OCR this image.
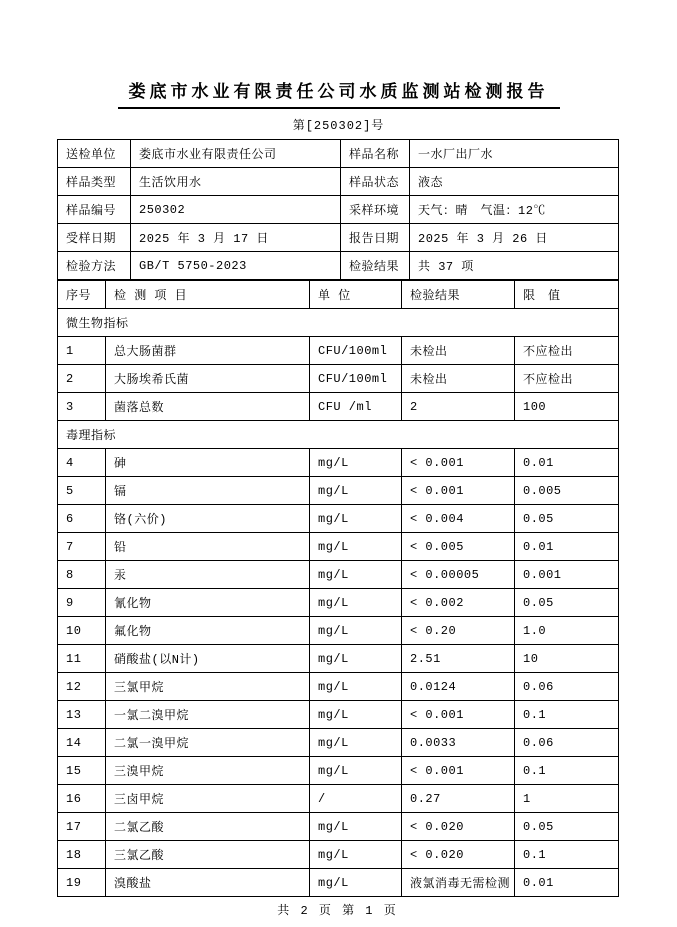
娄底市水业有限责任公司水质监测站检测报告
第[250302]号
送检单位	娄底市水业有限责任公司	样品名称	一水厂出厂水
样品类型	生活饮用水	样品状态	液态
样品编号	250302	采样环境	天气：晴　气温：12℃
受样日期	2025 年 3 月 17 日	报告日期	2025 年 3 月 26 日
检验方法	GB/T 5750-2023	检验结果	共 37 项
序号	检 测 项 目	单 位	检验结果	限　值
微生物指标				
1	总大肠菌群	CFU/100ml	未检出	不应检出
2	大肠埃希氏菌	CFU/100ml	未检出	不应检出
3	菌落总数	CFU /ml	2	100
毒理指标				
4	砷	mg/L	< 0.001	0.01
5	镉	mg/L	< 0.001	0.005
6	铬(六价)	mg/L	< 0.004	0.05
7	铅	mg/L	< 0.005	0.01
8	汞	mg/L	< 0.00005	0.001
9	氰化物	mg/L	< 0.002	0.05
10	氟化物	mg/L	< 0.20	1.0
11	硝酸盐(以N计)	mg/L	2.51	10
12	三氯甲烷	mg/L	0.0124	0.06
13	一氯二溴甲烷	mg/L	< 0.001	0.1
14	二氯一溴甲烷	mg/L	0.0033	0.06
15	三溴甲烷	mg/L	< 0.001	0.1
16	三卤甲烷	/	0.27	1
17	二氯乙酸	mg/L	< 0.020	0.05
18	三氯乙酸	mg/L	< 0.020	0.1
19	溴酸盐	mg/L	液氯消毒无需检测	0.01
共 2 页 第 1 页
